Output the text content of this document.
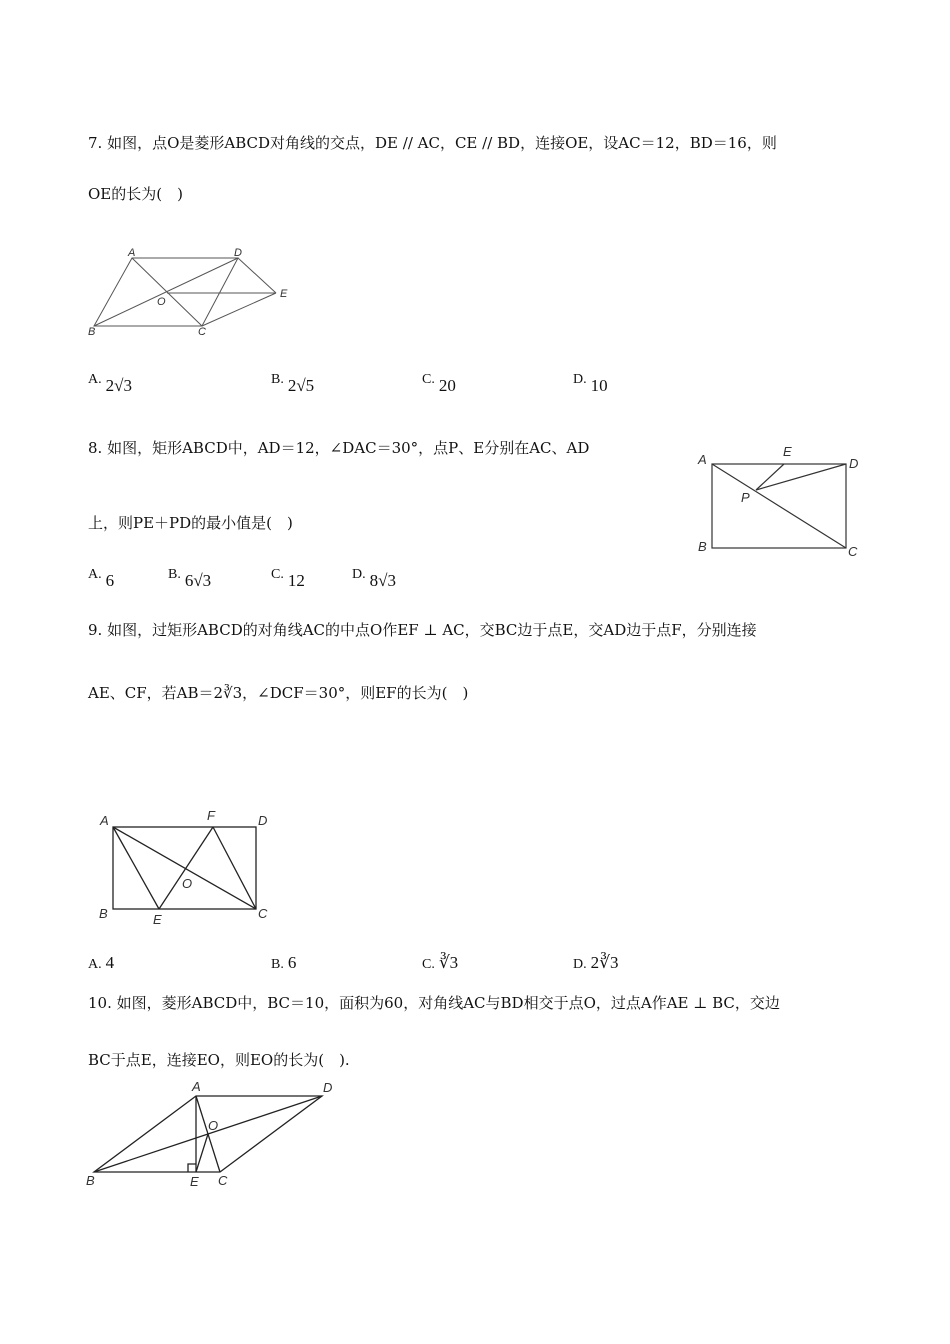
7. 如图，点O是菱形ABCD对角线的交点，DE // AC，CE // BD，连接OE，设AC＝12，BD＝16，则
OE的长为(　)
A	D
E
O
B	C
A. 2√3	B. 2√5	C. 20	D. 10
8. 如图，矩形ABCD中，AD＝12，∠DAC＝30°，点P、E分别在AC、AD
上，则PE＋PD的最小值是(　)
A
E
D
P
B	C
A. 6	B. 6√3	C. 12	D. 8√3
9. 如图，过矩形ABCD的对角线AC的中点O作EF ⊥ AC，交BC边于点E，交AD边于点F，分别连接
AE、CF，若AB＝2∛3，∠DCF＝30°，则EF的长为(　)
A	F	D
O
B	E	C
A. 4	B. 6	C. ∛3	D. 2∛3
10. 如图，菱形ABCD中，BC＝10，面积为60，对角线AC与BD相交于点O，过点A作AE ⊥ BC，交边
BC于点E，连接EO，则EO的长为(　).
A	D
O
B	E C
